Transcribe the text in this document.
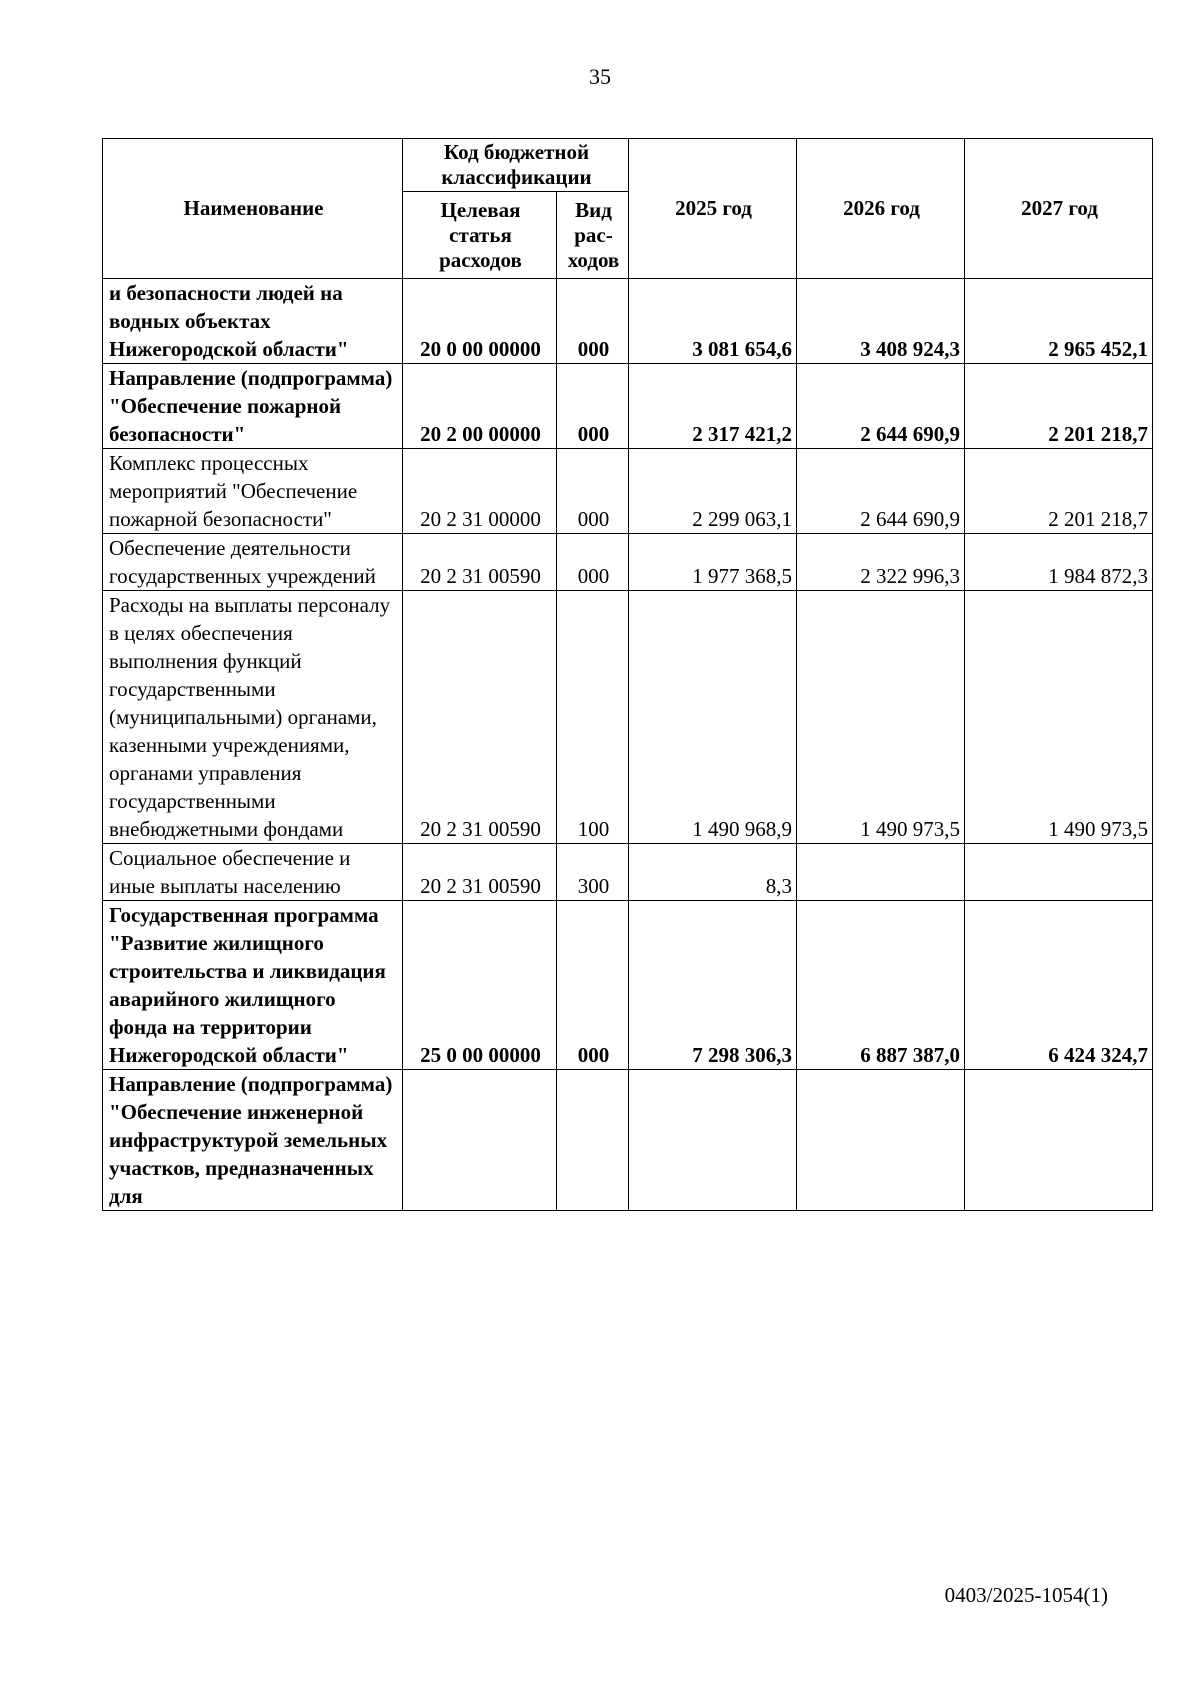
35
Наименование	Код бюджетной классификации		2025 год	2026 год	2027 год
	Целевая статья расходов	Вид рас-ходов			
и безопасности людей на водных объектах Нижегородской области"	20 0 00 00000	000	3 081 654,6	3 408 924,3	2 965 452,1
Направление (подпрограмма) "Обеспечение пожарной безопасности"	20 2 00 00000	000	2 317 421,2	2 644 690,9	2 201 218,7
Комплекс процессных мероприятий "Обеспечение пожарной безопасности"	20 2 31 00000	000	2 299 063,1	2 644 690,9	2 201 218,7
Обеспечение деятельности государственных учреждений	20 2 31 00590	000	1 977 368,5	2 322 996,3	1 984 872,3
Расходы на выплаты персоналу в целях обеспечения выполнения функций государственными (муниципальными) органами, казенными учреждениями, органами управления государственными внебюджетными фондами	20 2 31 00590	100	1 490 968,9	1 490 973,5	1 490 973,5
Социальное обеспечение и иные выплаты населению	20 2 31 00590	300	8,3		
Государственная программа "Развитие жилищного строительства и ликвидация аварийного жилищного фонда на территории Нижегородской области"	25 0 00 00000	000	7 298 306,3	6 887 387,0	6 424 324,7
Направление (подпрограмма) "Обеспечение инженерной инфраструктурой земельных участков, предназначенных для					
0403/2025-1054(1)
